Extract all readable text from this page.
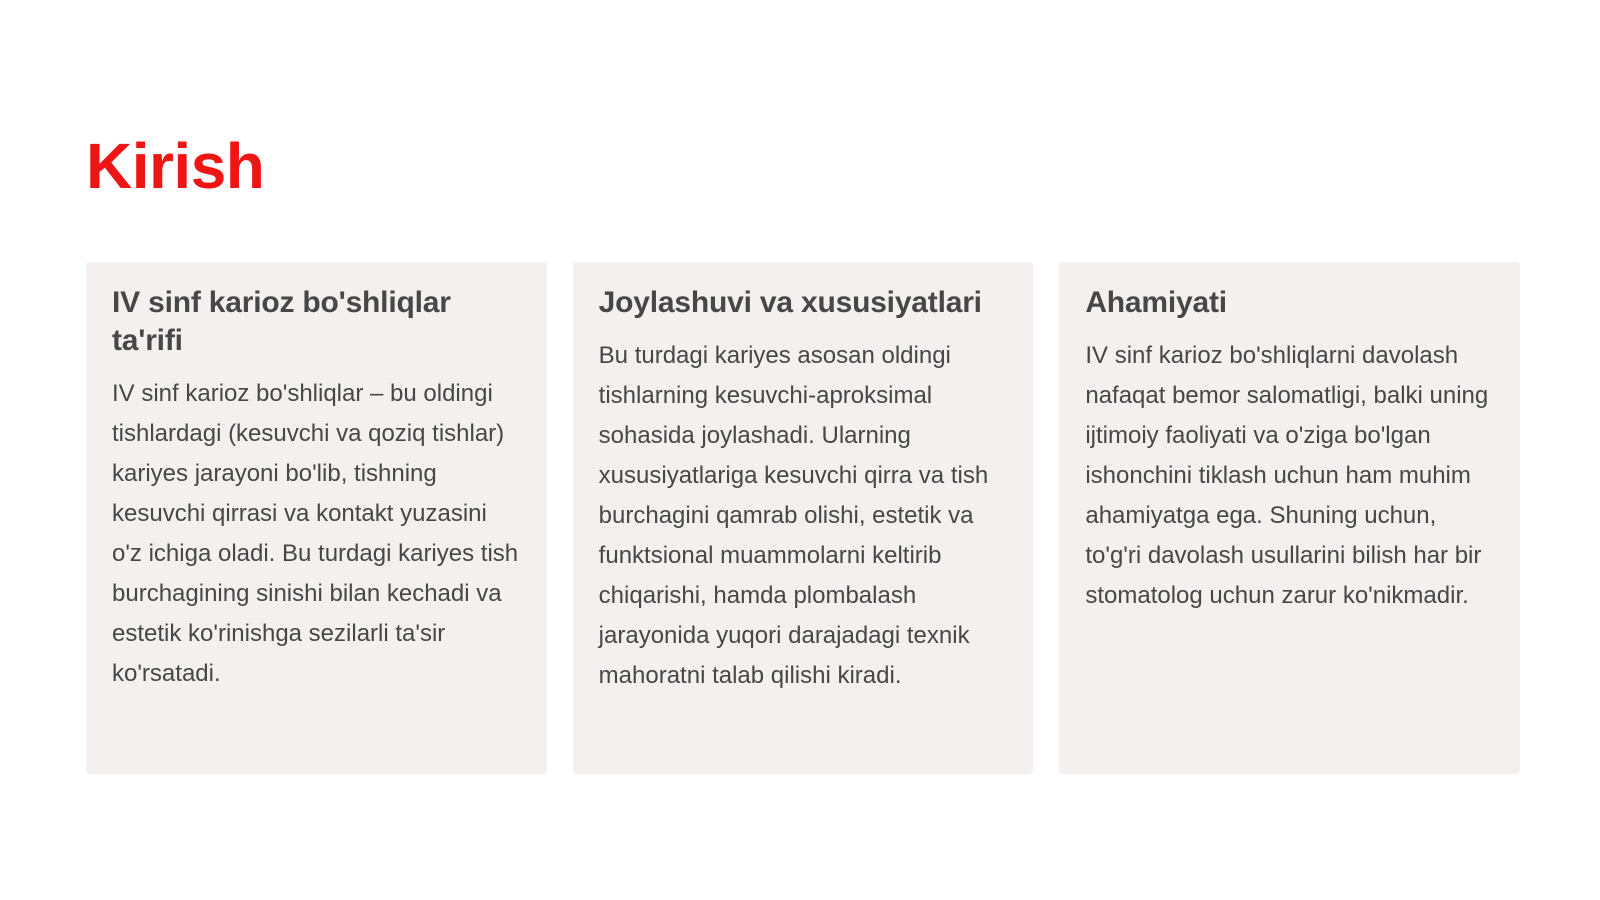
Kirish
IV sinf karioz bo'shliqlar ta'rifi

IV sinf karioz bo'shliqlar – bu oldingi tishlardagi (kesuvchi va qoziq tishlar) kariyes jarayoni bo'lib, tishning kesuvchi qirrasi va kontakt yuzasini o'z ichiga oladi. Bu turdagi kariyes tish burchagining sinishi bilan kechadi va estetik ko'rinishga sezilarli ta'sir ko'rsatadi.

Joylashuvi va xususiyatlari

Bu turdagi kariyes asosan oldingi tishlarning kesuvchi-aproksimal sohasida joylashadi. Ularning xususiyatlariga kesuvchi qirra va tish burchagini qamrab olishi, estetik va funktsional muammolarni keltirib chiqarishi, hamda plombalash jarayonida yuqori darajadagi texnik mahoratni talab qilishi kiradi.

Ahamiyati

IV sinf karioz bo'shliqlarni davolash nafaqat bemor salomatligi, balki uning ijtimoiy faoliyati va o'ziga bo'lgan ishonchini tiklash uchun ham muhim ahamiyatga ega. Shuning uchun, to'g'ri davolash usullarini bilish har bir stomatolog uchun zarur ko'nikmadir.
